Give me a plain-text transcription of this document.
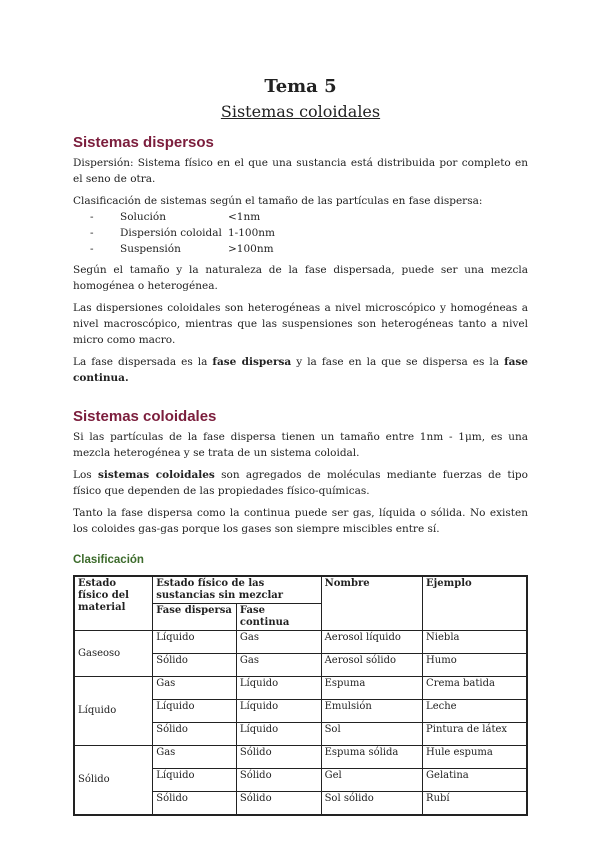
Tema 5
Sistemas coloidales
Sistemas dispersos

Dispersión: Sistema físico en el que una sustancia está distribuida por completo en el seno de otra.

Clasificación de sistemas según el tamaño de las partículas en fase dispersa:

-	Solución	<1nm
-	Dispersión coloidal 1-100nm
-	Suspensión	>100nm

Según el tamaño y la naturaleza de la fase dispersada, puede ser una mezcla homogénea o heterogénea.

Las dispersiones coloidales son heterogéneas a nivel microscópico y homogéneas a nivel macroscópico, mientras que las suspensiones son heterogéneas tanto a nivel micro como macro.

La fase dispersada es la fase dispersa y la fase en la que se dispersa es la fase continua.

Sistemas coloidales

Si las partículas de la fase dispersa tienen un tamaño entre 1nm - 1μm, es una mezcla heterogénea y se trata de un sistema coloidal.

Los sistemas coloidales son agregados de moléculas mediante fuerzas de tipo físico que dependen de las propiedades físico-químicas.

Tanto la fase dispersa como la continua puede ser gas, líquida o sólida. No existen los coloides gas-gas porque los gases son siempre miscibles entre sí.

Clasificación
Estado físico del material	Estado físico de las sustancias sin mezclar		Nombre	Ejemplo
	Fase dispersa	Fase continua		
Gaseoso	Líquido	Gas	Aerosol líquido	Niebla
	Sólido	Gas	Aerosol sólido	Humo
Líquido	Gas	Líquido	Espuma	Crema batida
	Líquido	Líquido	Emulsión	Leche
	Sólido	Líquido	Sol	Pintura de látex
Sólido	Gas	Sólido	Espuma sólida	Hule espuma
	Líquido	Sólido	Gel	Gelatina
	Sólido	Sólido	Sol sólido	Rubí
